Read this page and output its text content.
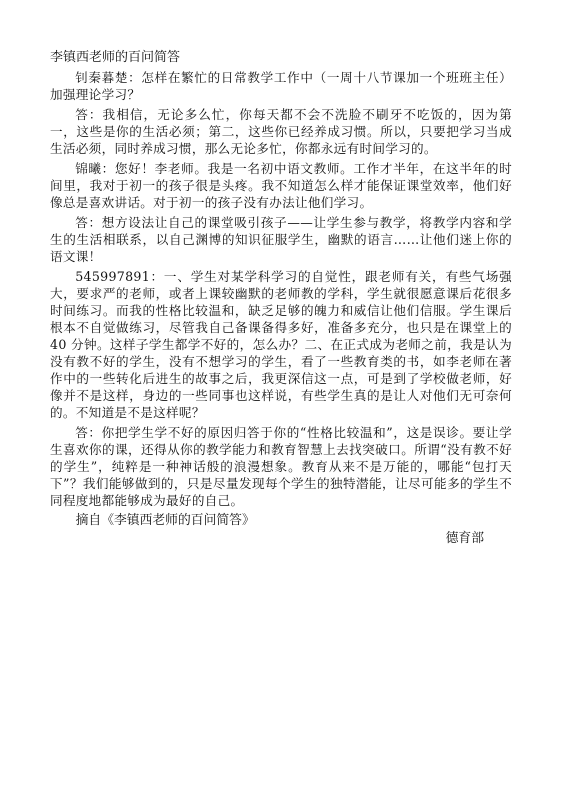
李镇西老师的百问简答

钊秦暮楚：怎样在繁忙的日常教学工作中（一周十八节课加一个班班主任）加强理论学习？

答：我相信，无论多么忙，你每天都不会不洗脸不刷牙不吃饭的，因为第一，这些是你的生活必须；第二，这些你已经养成习惯。所以，只要把学习当成生活必须，同时养成习惯，那么无论多忙，你都永远有时间学习的。

锦曦：您好！李老师。我是一名初中语文教师。工作才半年，在这半年的时间里，我对于初一的孩子很是头疼。我不知道怎么样才能保证课堂效率，他们好像总是喜欢讲话。对于初一的孩子没有办法让他们学习。

答：想方设法让自己的课堂吸引孩子——让学生参与教学，将教学内容和学生的生活相联系，以自己渊博的知识征服学生，幽默的语言……让他们迷上你的语文课！

545997891：一、学生对某学科学习的自觉性，跟老师有关，有些气场强大，要求严的老师，或者上课较幽默的老师教的学科，学生就很愿意课后花很多时间练习。而我的性格比较温和，缺乏足够的魄力和威信让他们信服。学生课后根本不自觉做练习，尽管我自己备课备得多好，准备多充分，也只是在课堂上的 40 分钟。这样子学生都学不好的，怎么办？二、在正式成为老师之前，我是认为没有教不好的学生，没有不想学习的学生，看了一些教育类的书，如李老师在著作中的一些转化后进生的故事之后，我更深信这一点，可是到了学校做老师，好像并不是这样，身边的一些同事也这样说，有些学生真的是让人对他们无可奈何的。不知道是不是这样呢？

答：你把学生学不好的原因归答于你的“性格比较温和”，这是误诊。要让学生喜欢你的课，还得从你的教学能力和教育智慧上去找突破口。所谓“没有教不好的学生”，纯粹是一种神话般的浪漫想象。教育从来不是万能的，哪能“包打天下”？我们能够做到的，只是尽量发现每个学生的独特潜能，让尽可能多的学生不同程度地都能够成为最好的自己。

摘自《李镇西老师的百问简答》
德育部
